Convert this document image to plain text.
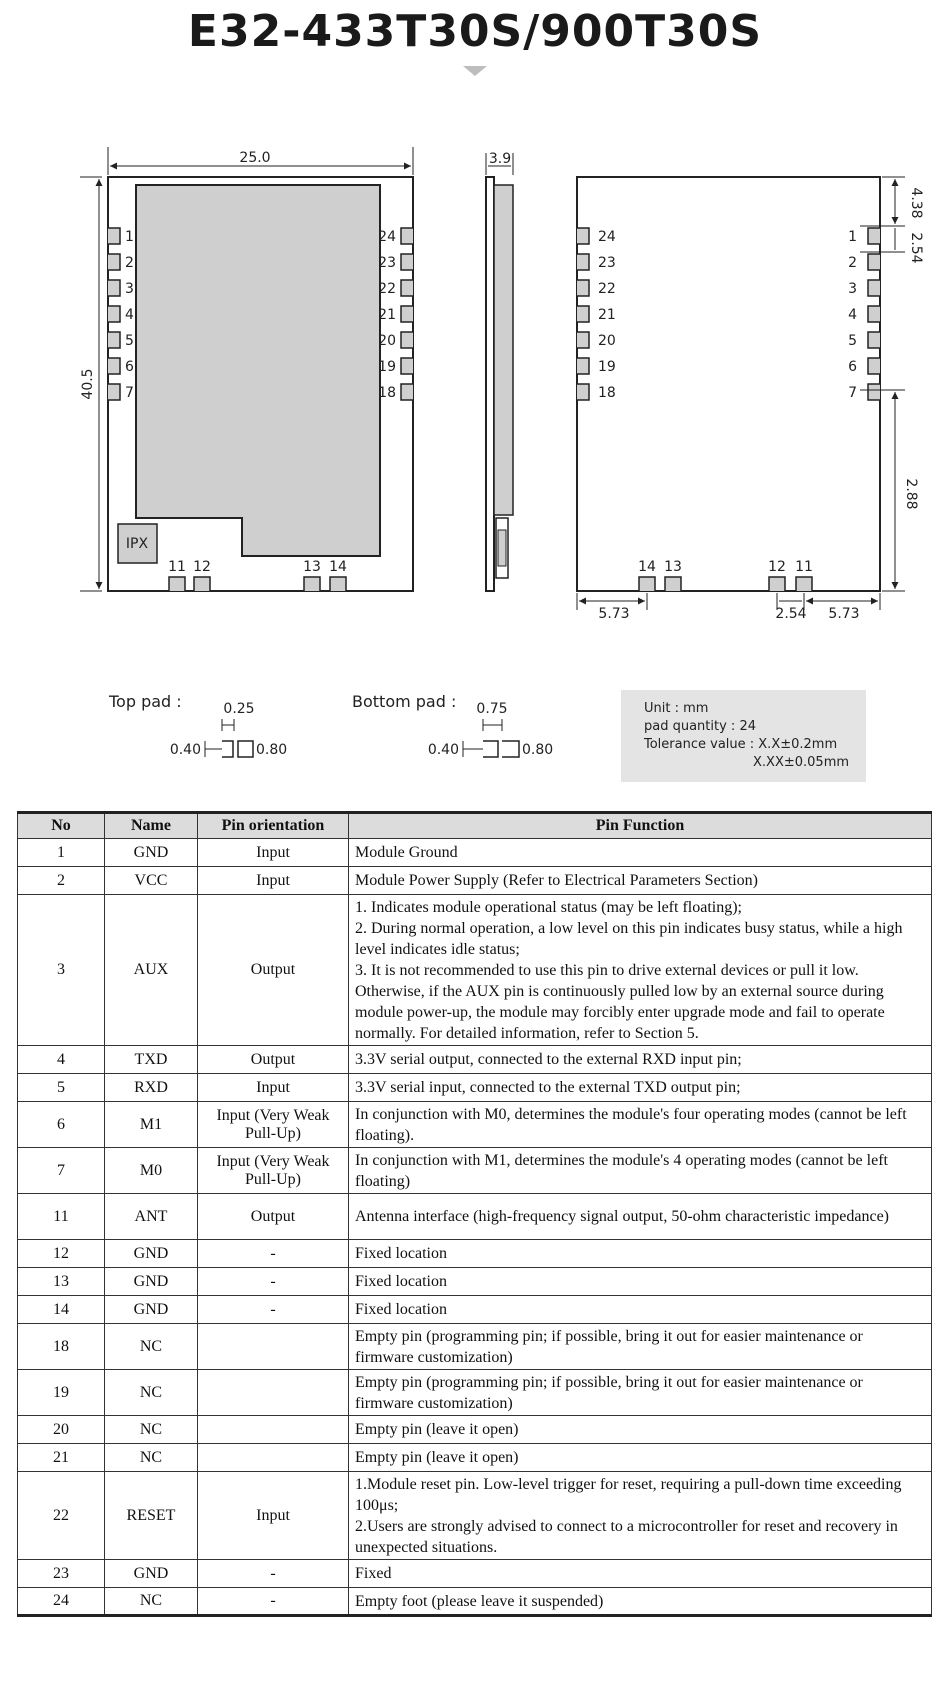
E32-433T30S/900T30S
IPX
1
2
3
4
5
6
7
24
23
22
21
20
19
18
11 12	13 14
25.0
40.5
3.9
24
23
22
21
20
19
18
1
2
3
4
5
6
7
14 13	12 11
4.38
2.54
2.88
5.73	2.54 5.73
0.25
0.40	0.80
0.75
0.40	0.80
Top pad :	Bottom pad :	Unit : mm
pad quantity : 24
Tolerance value : X.X±0.2mm
X.XX±0.05mm
No	Name	Pin orientation	Pin Function
1	GND	Input	Module Ground

2	VCC	Input	Module Power Supply (Refer to Electrical Parameters Section)

3	AUX	Output	1. Indicates module operational status (may be left floating);
2. During normal operation, a low level on this pin indicates busy status, while a high level indicates idle status;
3. It is not recommended to use this pin to drive external devices or pull it low. Otherwise, if the AUX pin is continuously pulled low by an external source during module power-up, the module may forcibly enter upgrade mode and fail to operate normally. For detailed information, refer to Section 5.

4	TXD	Output	3.3V serial output, connected to the external RXD input pin;

5	RXD	Input	3.3V serial input, connected to the external TXD output pin;

6	M1	Input (Very Weak Pull-Up)	In conjunction with M0, determines the module's four operating modes (cannot be left floating).

7	M0	Input (Very Weak Pull-Up)	In conjunction with M1, determines the module's 4 operating modes (cannot be left floating)

11	ANT	Output	Antenna interface (high-frequency signal output, 50-ohm characteristic impedance)

12	GND	-	Fixed location

13	GND	-	Fixed location

14	GND	-	Fixed location

18	NC		Empty pin (programming pin; if possible, bring it out for easier maintenance or firmware customization)

19	NC		Empty pin (programming pin; if possible, bring it out for easier maintenance or firmware customization)

20	NC		Empty pin (leave it open)

21	NC		Empty pin (leave it open)

22	RESET	Input	1.Module reset pin. Low-level trigger for reset, requiring a pull-down time exceeding 100μs;
2.Users are strongly advised to connect to a microcontroller for reset and recovery in unexpected situations.

23	GND	-	Fixed

24	NC	-	Empty foot (please leave it suspended)
